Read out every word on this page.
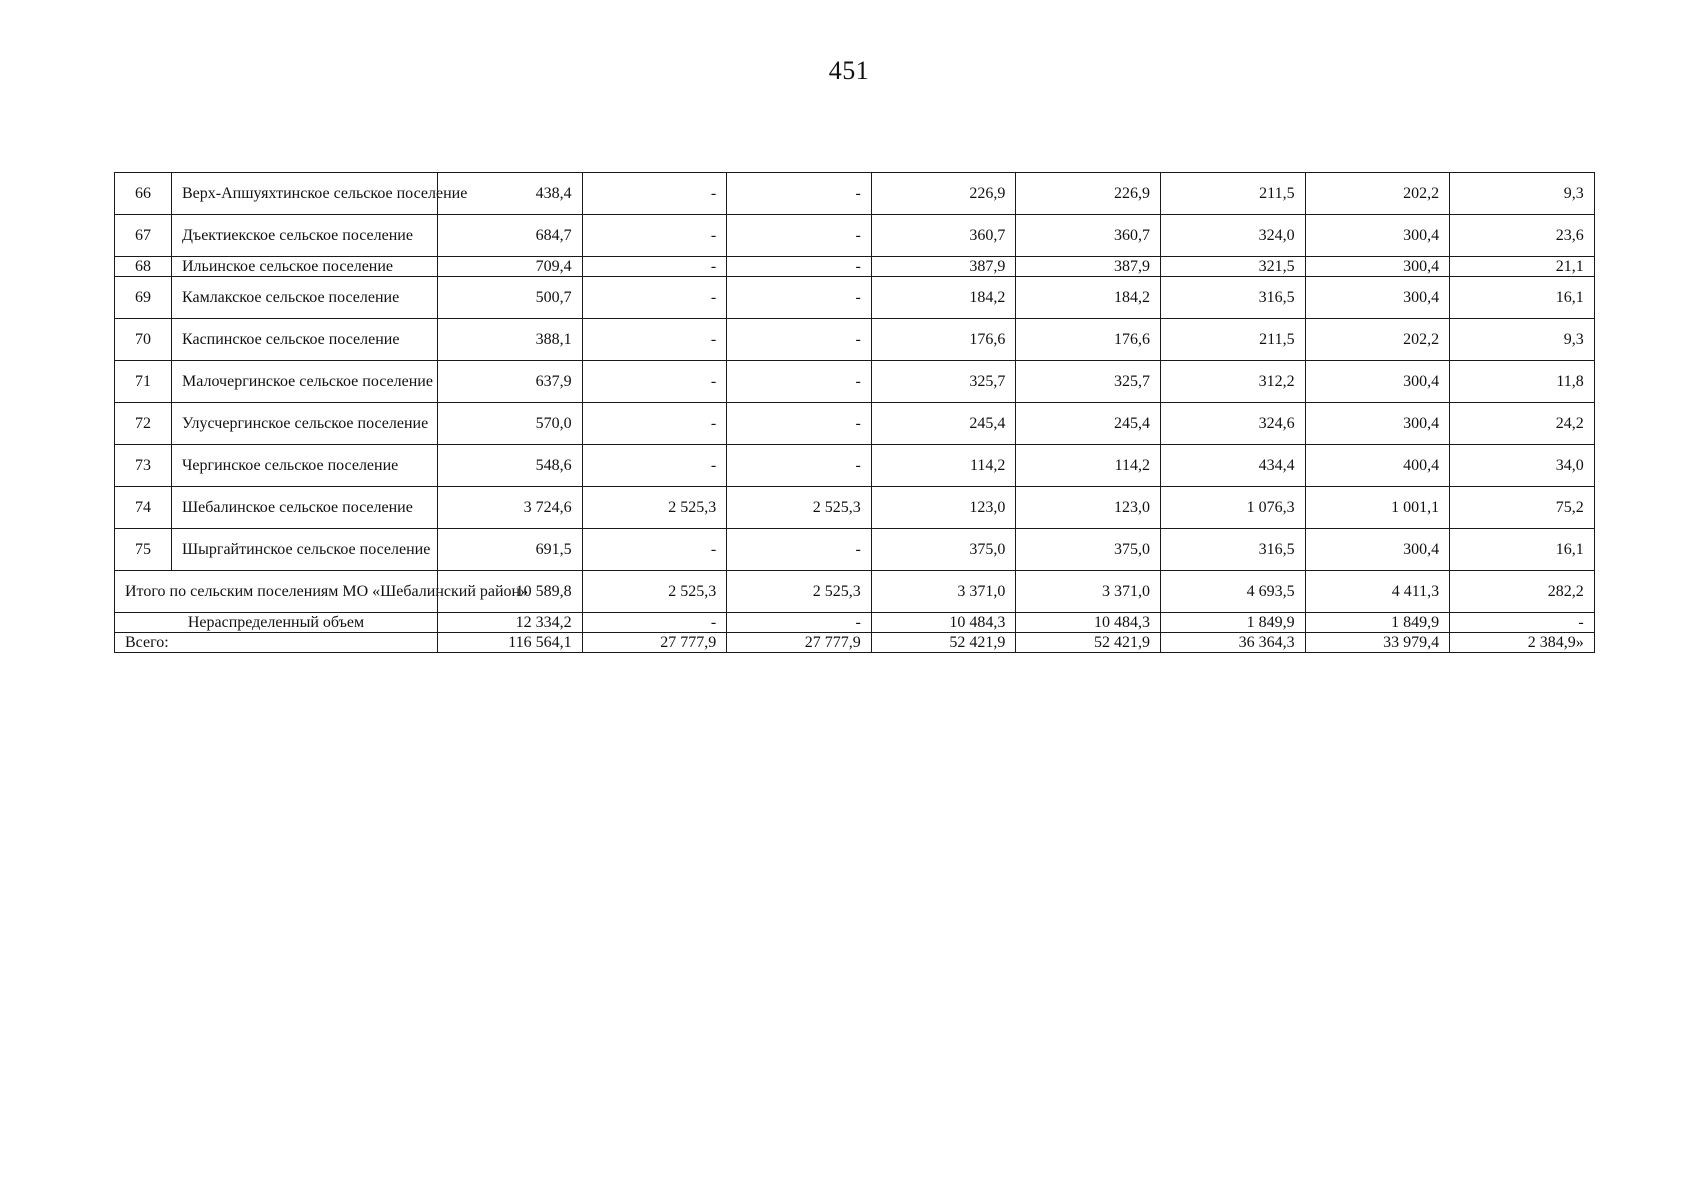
451
66	Верх-Апшуяхтинское сельское поселение	438,4	-	-	226,9	226,9	211,5	202,2	9,3
67	Дъектиекское сельское поселение	684,7	-	-	360,7	360,7	324,0	300,4	23,6
68	Ильинское сельское поселение	709,4	-	-	387,9	387,9	321,5	300,4	21,1
69	Камлакское сельское поселение	500,7	-	-	184,2	184,2	316,5	300,4	16,1
70	Каспинское сельское поселение	388,1	-	-	176,6	176,6	211,5	202,2	9,3
71	Малочергинское сельское поселение	637,9	-	-	325,7	325,7	312,2	300,4	11,8
72	Улусчергинское сельское поселение	570,0	-	-	245,4	245,4	324,6	300,4	24,2
73	Чергинское сельское поселение	548,6	-	-	114,2	114,2	434,4	400,4	34,0
74	Шебалинское сельское поселение	3 724,6	2 525,3	2 525,3	123,0	123,0	1 076,3	1 001,1	75,2
75	Шыргайтинское сельское поселение	691,5	-	-	375,0	375,0	316,5	300,4	16,1
Итого по сельским поселениям МО «Шебалинский район»		10 589,8	2 525,3	2 525,3	3 371,0	3 371,0	4 693,5	4 411,3	282,2
Нераспределенный объем		12 334,2	-	-	10 484,3	10 484,3	1 849,9	1 849,9	-
Всего:		116 564,1	27 777,9	27 777,9	52 421,9	52 421,9	36 364,3	33 979,4	2 384,9»
